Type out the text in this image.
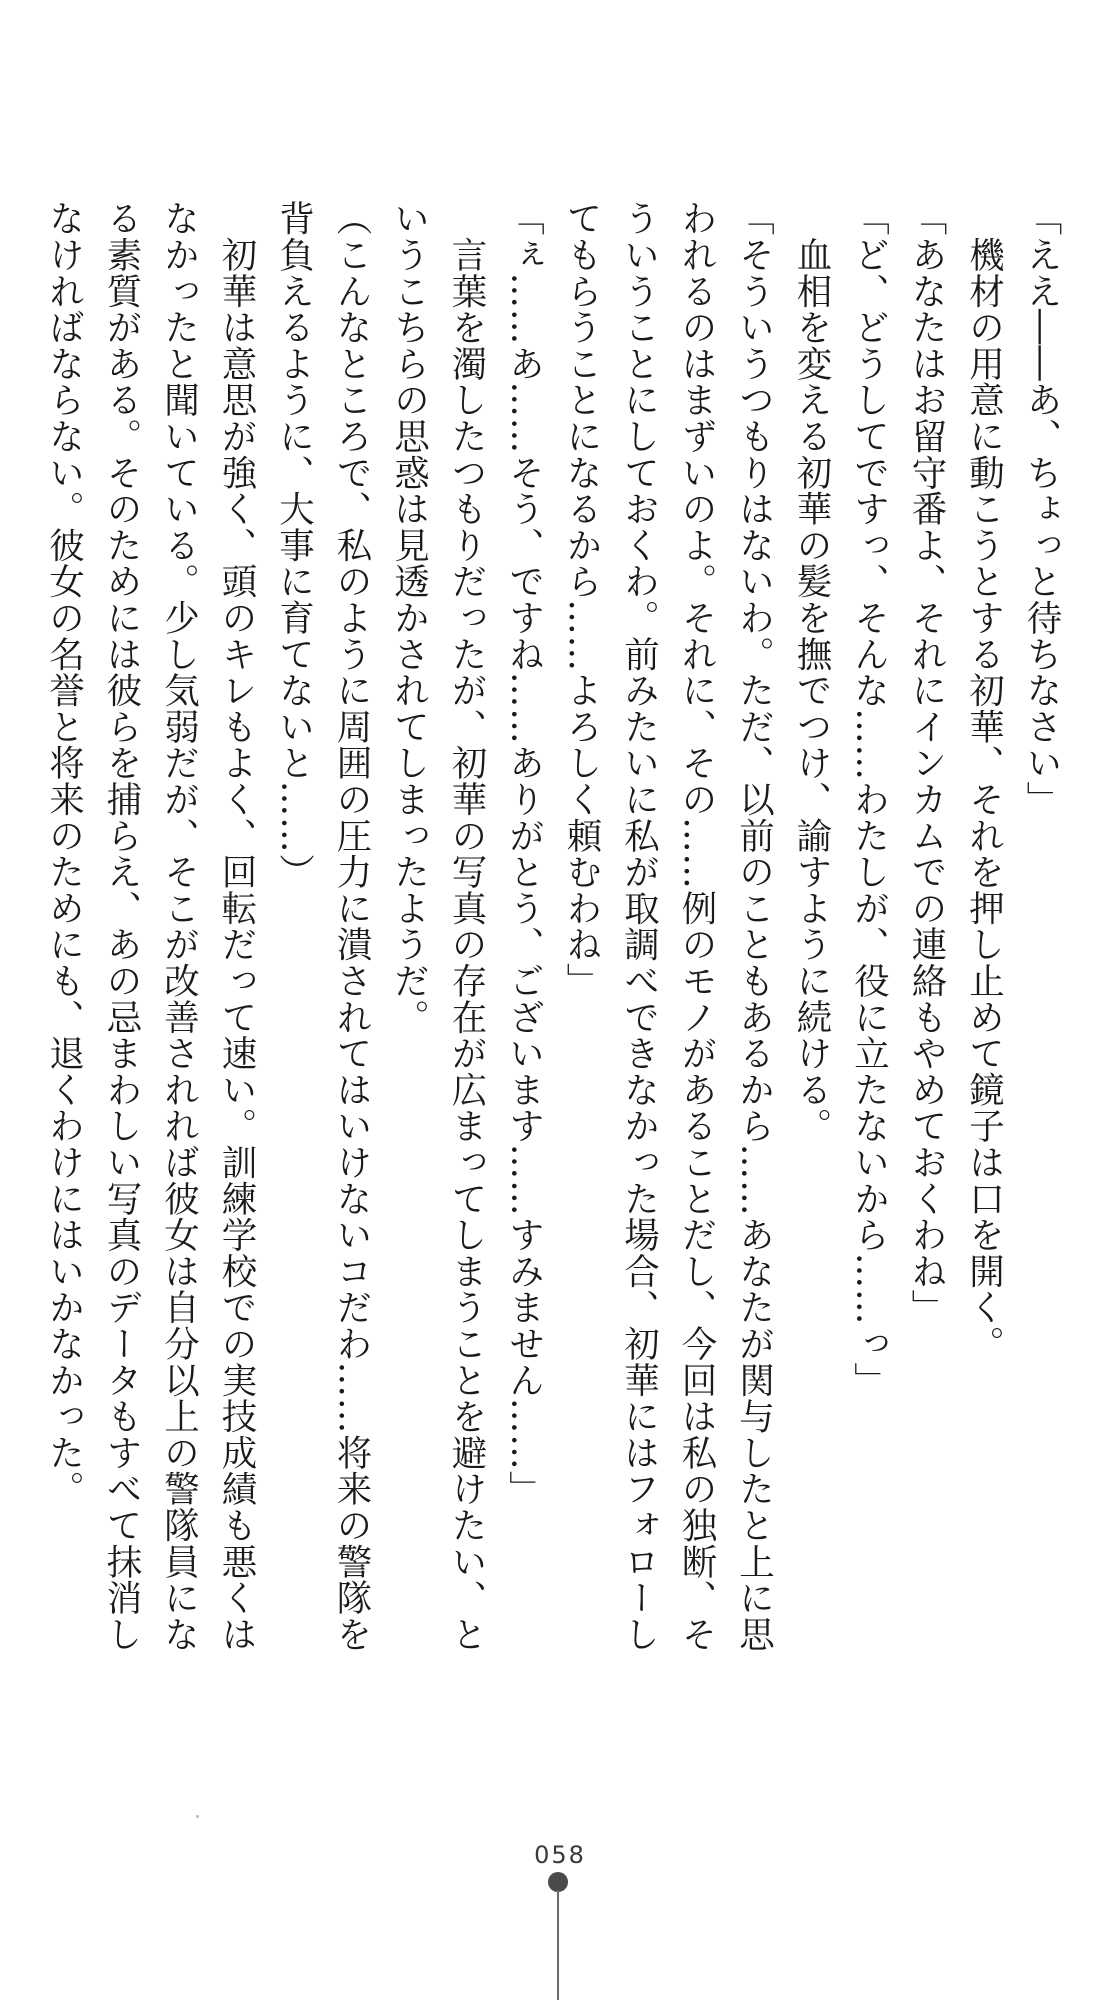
「ええ――あ、ちょっと待ちなさい」
　機材の用意に動こうとする初華、それを押し止めて鏡子は口を開く。
「あなたはお留守番よ、それにインカムでの連絡もやめておくわね」
「ど、どうしてですっ、そんな……わたしが、役に立たないから……っ」
　血相を変える初華の髪を撫でつけ、諭すように続ける。
「そういうつもりはないわ。ただ、以前のこともあるから……あなたが関与したと上に思
われるのはまずいのよ。それに、その……例のモノがあることだし、今回は私の独断、そ
ういうことにしておくわ。前みたいに私が取調べできなかった場合、初華にはフォローし
てもらうことになるから……よろしく頼むわね」
「ぇ……あ……そう、ですね……ありがとう、ございます……すみません……」
　言葉を濁したつもりだったが、初華の写真の存在が広まってしまうことを避けたい、と
いうこちらの思惑は見透かされてしまったようだ。
（こんなところで、私のように周囲の圧力に潰されてはいけないコだわ……将来の警隊を
背負えるように、大事に育てないと……）
　初華は意思が強く、頭のキレもよく、回転だって速い。訓練学校での実技成績も悪くは
なかったと聞いている。少し気弱だが、そこが改善されれば彼女は自分以上の警隊員にな
る素質がある。そのためには彼らを捕らえ、あの忌まわしい写真のデータもすべて抹消し
なければならない。彼女の名誉と将来のためにも、退くわけにはいかなかった。
058
